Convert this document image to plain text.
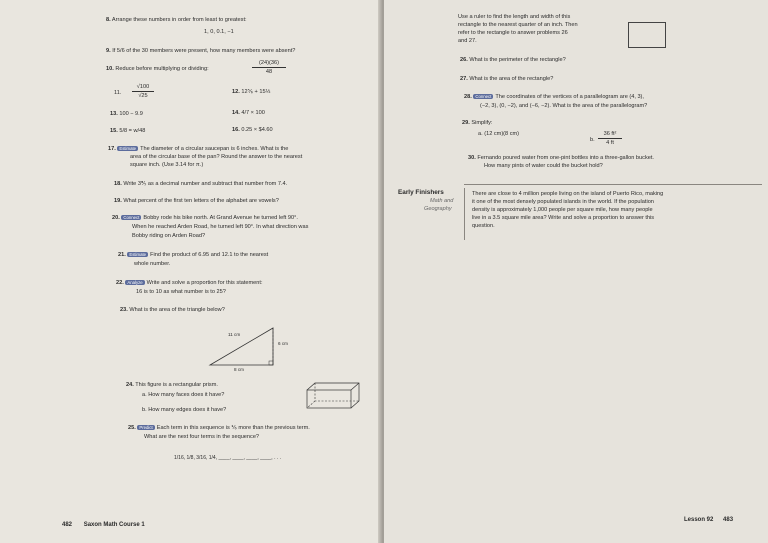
8. Arrange these numbers in order from least to greatest:
1, 0, 0.1, −1
9. If 5/6 of the 30 members were present, how many members were absent?
10. Reduce before multiplying or dividing:
(24)(36)
48
11.
√100
√25
12. 12⅚ + 15⅓
13. 100 − 9.9	14. 4/7 × 100
15. 5/8 = w/48	16. 0.25 × $4.60
17. Estimate The diameter of a circular saucepan is 6 inches. What is the
area of the circular base of the pan? Round the answer to the nearest
square inch. (Use 3.14 for π.)
18. Write 3⅗ as a decimal number and subtract that number from 7.4.
19. What percent of the first ten letters of the alphabet are vowels?
20. Connect Bobby rode his bike north. At Grand Avenue he turned left 90°.
When he reached Arden Road, he turned left 90°. In what direction was
Bobby riding on Arden Road?
21. Estimate Find the product of 6.95 and 12.1 to the nearest
whole number.
22. Analyze Write and solve a proportion for this statement:
16 is to 10 as what number is to 25?
23. What is the area of the triangle below?
11 cm
6 cm
8 cm
24. This figure is a rectangular prism.
a. How many faces does it have?
b. How many edges does it have?
25. Predict Each term in this sequence is ⅙ more than the previous term.
What are the next four terms in the sequence?
1/16, 1/8, 3/16, 1/4, ____, ____, ____, ____, . . .
482 Saxon Math Course 1
Use a ruler to find the length and width of this
rectangle to the nearest quarter of an inch. Then
refer to the rectangle to answer problems 26
and 27.
26. What is the perimeter of the rectangle?
27. What is the area of the rectangle?
28. Connect The coordinates of the vertices of a parallelogram are (4, 3),
(−2, 3), (0, −2), and (−6, −2). What is the area of the parallelogram?
29. Simplify:
a. (12 cm)(8 cm)
b.
36 ft²
4 ft
30. Fernando poured water from one-pint bottles into a three-gallon bucket.
How many pints of water could the bucket hold?
Early Finishers
Math and
Geography
There are close to 4 million people living on the island of Puerto Rico, making
it one of the most densely populated islands in the world. If the population
density is approximately 1,000 people per square mile, how many people
live in a 3.5 square mile area? Write and solve a proportion to answer this
question.
Lesson 92 483
